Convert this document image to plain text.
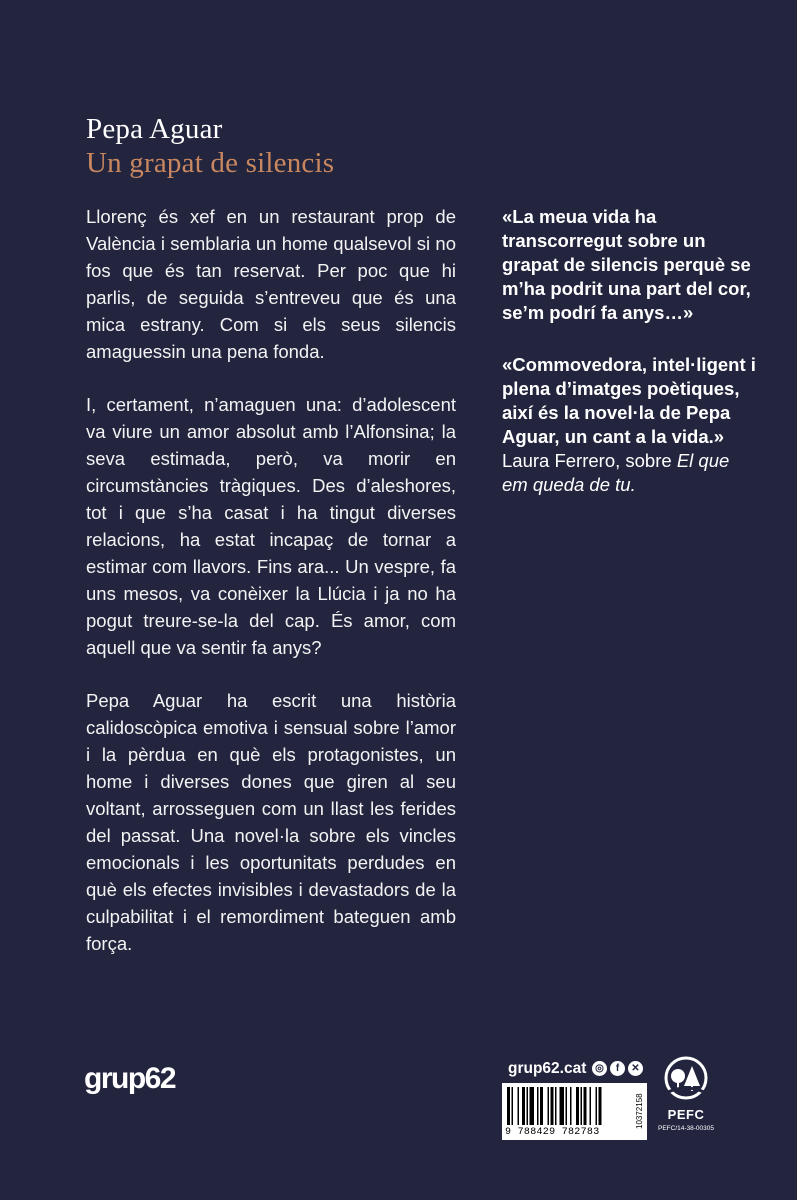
Pepa Aguar
Un grapat de silencis

Llorenç és xef en un restaurant prop de València i semblaria un home qualsevol si no fos que és tan reservat. Per poc que hi parlis, de seguida s’entreveu que és una mica estrany. Com si els seus silencis amaguessin una pena fonda.

I, certament, n’amaguen una: d’adolescent va viure un amor absolut amb l’Alfonsina; la seva estimada, però, va morir en circumstàncies tràgiques. Des d’aleshores, tot i que s’ha casat i ha tingut diverses relacions, ha estat incapaç de tornar a estimar com llavors. Fins ara... Un vespre, fa uns mesos, va conèixer la Llúcia i ja no ha pogut treure-se-la del cap. És amor, com aquell que va sentir fa anys?

Pepa Aguar ha escrit una història calidoscòpica emotiva i sensual sobre l’amor i la pèrdua en què els protagonistes, un home i diverses dones que giren al seu voltant, arrosseguen com un llast les ferides del passat. Una novel·la sobre els vincles emocionals i les oportunitats perdudes en què els efectes invisibles i devastadors de la culpabilitat i el remordiment bateguen amb força.

«La meua vida ha transcorregut sobre un grapat de silencis perquè se m’ha podrit una part del cor, se’m podrí fa anys…»

«Commovedora, intel·ligent i plena d’imatges poètiques, així és la novel·la de Pepa Aguar, un cant a la vida.»

Laura Ferrero, sobre El que em queda de tu.

grup62	grup62.cat ◎	f	✕
9 788429 782783
10372158	PEFC
PEFC/14-38-00305
